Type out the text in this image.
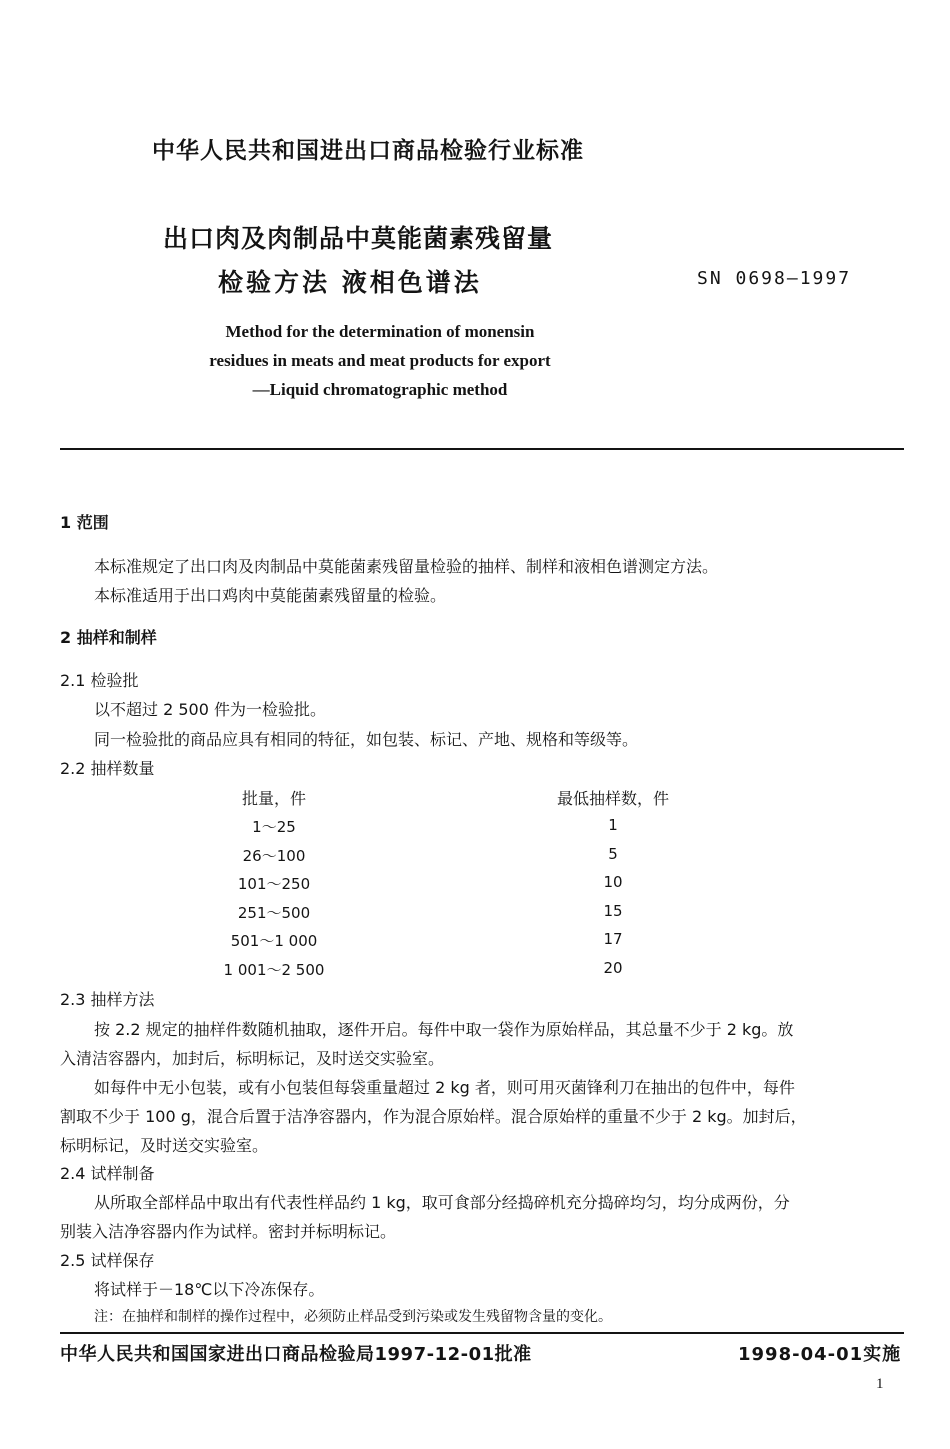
中华人民共和国进出口商品检验行业标准
出口肉及肉制品中莫能菌素残留量
检验方法 液相色谱法	SN 0698—1997
Method for the determination of monensin
residues in meats and meat products for export
—Liquid chromatographic method
1 范围
本标准规定了出口肉及肉制品中莫能菌素残留量检验的抽样、制样和液相色谱测定方法。
本标准适用于出口鸡肉中莫能菌素残留量的检验。
2 抽样和制样
2.1 检验批
以不超过 2 500 件为一检验批。
同一检验批的商品应具有相同的特征，如包装、标记、产地、规格和等级等。
2.2 抽样数量
批量，件	最低抽样数，件
1～25	1
26～100	5
101～250	10
251～500	15
501～1 000	17
1 001～2 500	20
2.3 抽样方法
按 2.2 规定的抽样件数随机抽取，逐件开启。每件中取一袋作为原始样品，其总量不少于 2 kg。放
入清洁容器内，加封后，标明标记，及时送交实验室。
如每件中无小包装，或有小包装但每袋重量超过 2 kg 者，则可用灭菌锋利刀在抽出的包件中，每件
割取不少于 100 g，混合后置于洁净容器内，作为混合原始样。混合原始样的重量不少于 2 kg。加封后，
标明标记，及时送交实验室。
2.4 试样制备
从所取全部样品中取出有代表性样品约 1 kg，取可食部分经捣碎机充分捣碎均匀，均分成两份，分
别装入洁净容器内作为试样。密封并标明标记。
2.5 试样保存
将试样于－18℃以下冷冻保存。
注：在抽样和制样的操作过程中，必须防止样品受到污染或发生残留物含量的变化。
中华人民共和国国家进出口商品检验局1997-12-01批准	1998-04-01实施
1
